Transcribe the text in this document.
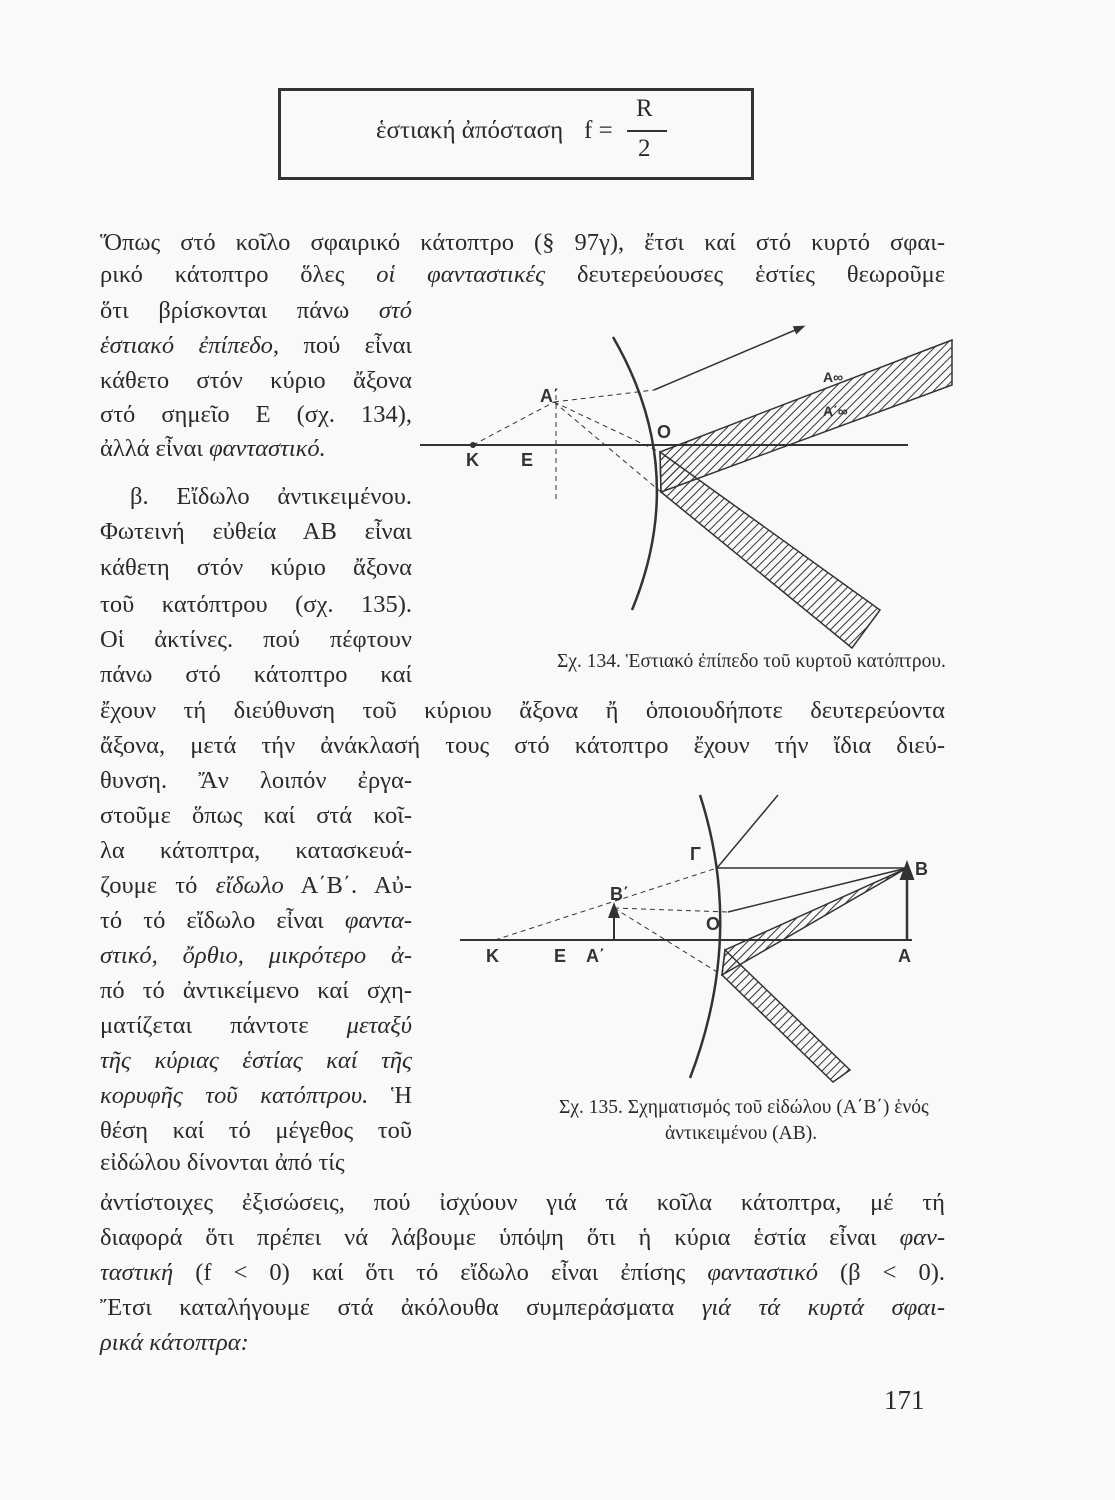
ἑστιακή ἀπόσταση f =
R
2
Ὅπως στό κοῖλο σφαιρικό κάτοπτρο (§ 97γ), ἔτσι καί στό κυρτό σφαι-
ρικό κάτοπτρο ὅλες οἱ φανταστικές δευτερεύουσες ἑστίες θεωροῦμε
ὅτι βρίσκονται πάνω στό
ἑστιακό ἐπίπεδο, πού εἶναι
κάθετο στόν κύριο ἄξονα
στό σημεῖο Ε (σχ. 134),
ἀλλά εἶναι φανταστικό.
β. Εἴδωλο ἀντικειμένου.
Φωτεινή εὐθεία ΑΒ εἶναι
κάθετη στόν κύριο ἄξονα
τοῦ κατόπτρου (σχ. 135).
Οἱ ἀκτίνες. πού πέφτουν
πάνω στό κάτοπτρο καί
ἔχουν τή διεύθυνση τοῦ κύριου ἄξονα ἤ ὁποιουδήποτε δευτερεύοντα
ἄξονα, μετά τήν ἀνάκλασή τους στό κάτοπτρο ἔχουν τήν ἴδια διεύ-
θυνση. Ἄν λοιπόν ἐργα-
στοῦμε ὅπως καί στά κοῖ-
λα κάτοπτρα, κατασκευά-
ζουμε τό εἴδωλο Α΄Β΄. Αὐ-
τό τό εἴδωλο εἶναι φαντα-
στικό, ὄρθιο, μικρότερο ἀ-
πό τό ἀντικείμενο καί σχη-
ματίζεται πάντοτε μεταξύ
τῆς κύριας ἑστίας καί τῆς
κορυφῆς τοῦ κατόπτρου. Ἡ
θέση καί τό μέγεθος τοῦ
εἰδώλου δίνονται ἀπό τίς
ἀντίστοιχες ἐξισώσεις, πού ἰσχύουν γιά τά κοῖλα κάτοπτρα, μέ τή
διαφορά ὅτι πρέπει νά λάβουμε ὑπόψη ὅτι ἡ κύρια ἑστία εἶναι φαν-
ταστική (f < 0) καί ὅτι τό εἴδωλο εἶναι ἐπίσης φανταστικό (β < 0).
Ἔτσι καταλήγουμε στά ἀκόλουθα συμπεράσματα γιά τά κυρτά σφαι-
ρικά κάτοπτρα:
Κ Ε
Α΄
Ο
Α∞
Α΄∞
Κ	Ε Α΄
Β΄
Ο
Γ
Α
Β
Σχ. 134. Ἑστιακό ἐπίπεδο τοῦ κυρτοῦ κατόπτρου.
Σχ. 135. Σχηματισμός τοῦ εἰδώλου (Α΄Β΄) ἑνός
ἀντικειμένου (ΑΒ).
171
